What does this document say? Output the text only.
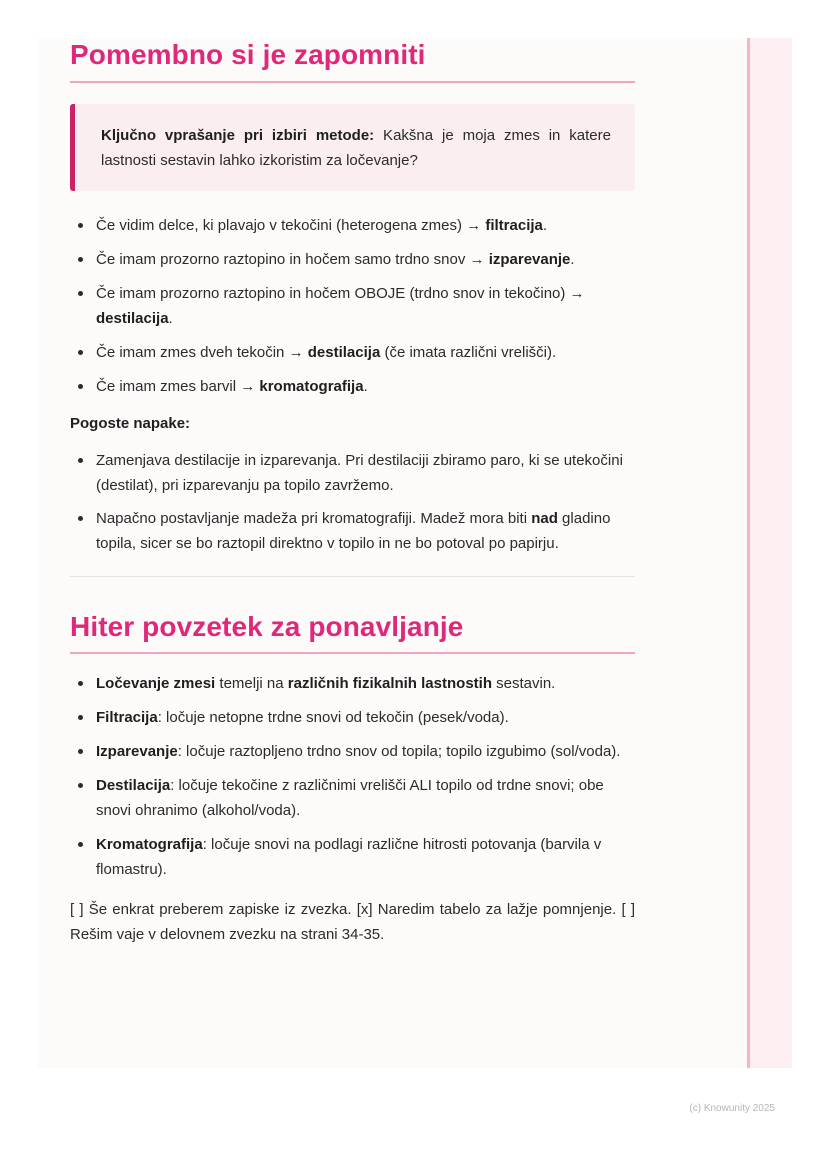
Pomembno si je zapomniti
Ključno vprašanje pri izbiri metode: Kakšna je moja zmes in katere lastnosti sestavin lahko izkoristim za ločevanje?
Če vidim delce, ki plavajo v tekočini (heterogena zmes) → filtracija.
Če imam prozorno raztopino in hočem samo trdno snov → izparevanje.
Če imam prozorno raztopino in hočem OBOJE (trdno snov in tekočino) → destilacija.
Če imam zmes dveh tekočin → destilacija (če imata različni vrelišči).
Če imam zmes barvil → kromatografija.
Pogoste napake:
Zamenjava destilacije in izparevanja. Pri destilaciji zbiramo paro, ki se utekočini (destilat), pri izparevanju pa topilo zavržemo.
Napačno postavljanje madeža pri kromatografiji. Madež mora biti nad gladino topila, sicer se bo raztopil direktno v topilo in ne bo potoval po papirju.
Hiter povzetek za ponavljanje
Ločevanje zmesi temelji na različnih fizikalnih lastnostih sestavin.
Filtracija: ločuje netopne trdne snovi od tekočin (pesek/voda).
Izparevanje: ločuje raztopljeno trdno snov od topila; topilo izgubimo (sol/voda).
Destilacija: ločuje tekočine z različnimi vrelišči ALI topilo od trdne snovi; obe snovi ohranimo (alkohol/voda).
Kromatografija: ločuje snovi na podlagi različne hitrosti potovanja (barvila v flomastru).
[ ] Še enkrat preberem zapiske iz zvezka. [x] Naredim tabelo za lažje pomnjenje. [ ] Rešim vaje v delovnem zvezku na strani 34-35.
(c) Knowunity 2025
